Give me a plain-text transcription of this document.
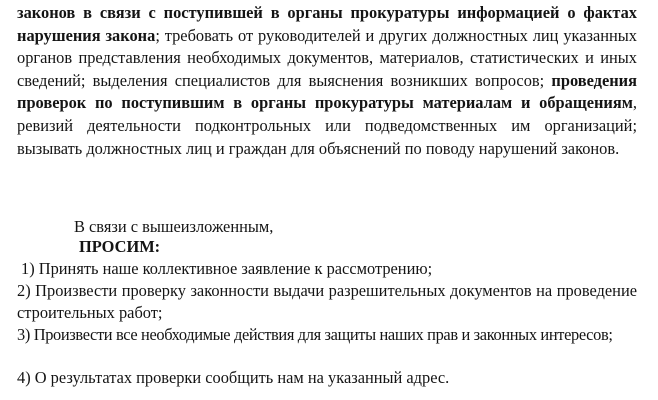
законов в связи с поступившей в органы прокуратуры информацией о фактах нарушения закона; требовать от руководителей и других должностных лиц указанных органов представления необходимых документов, материалов, статистических и иных сведений; выделения специалистов для выяснения возникших вопросов; проведения проверок по поступившим в органы прокуратуры материалам и обращениям, ревизий деятельности подконтрольных или подведомственных им организаций; вызывать должностных лиц и граждан для объяснений по поводу нарушений законов.

В связи с вышеизложенным,

ПРОСИМ:

1) Принять наше коллективное заявление к рассмотрению;

2) Произвести проверку законности выдачи разрешительных документов на проведение строительных работ;

3) Произвести все необходимые действия для защиты наших прав и законных интересов;

4) О результатах проверки сообщить нам на указанный адрес.
